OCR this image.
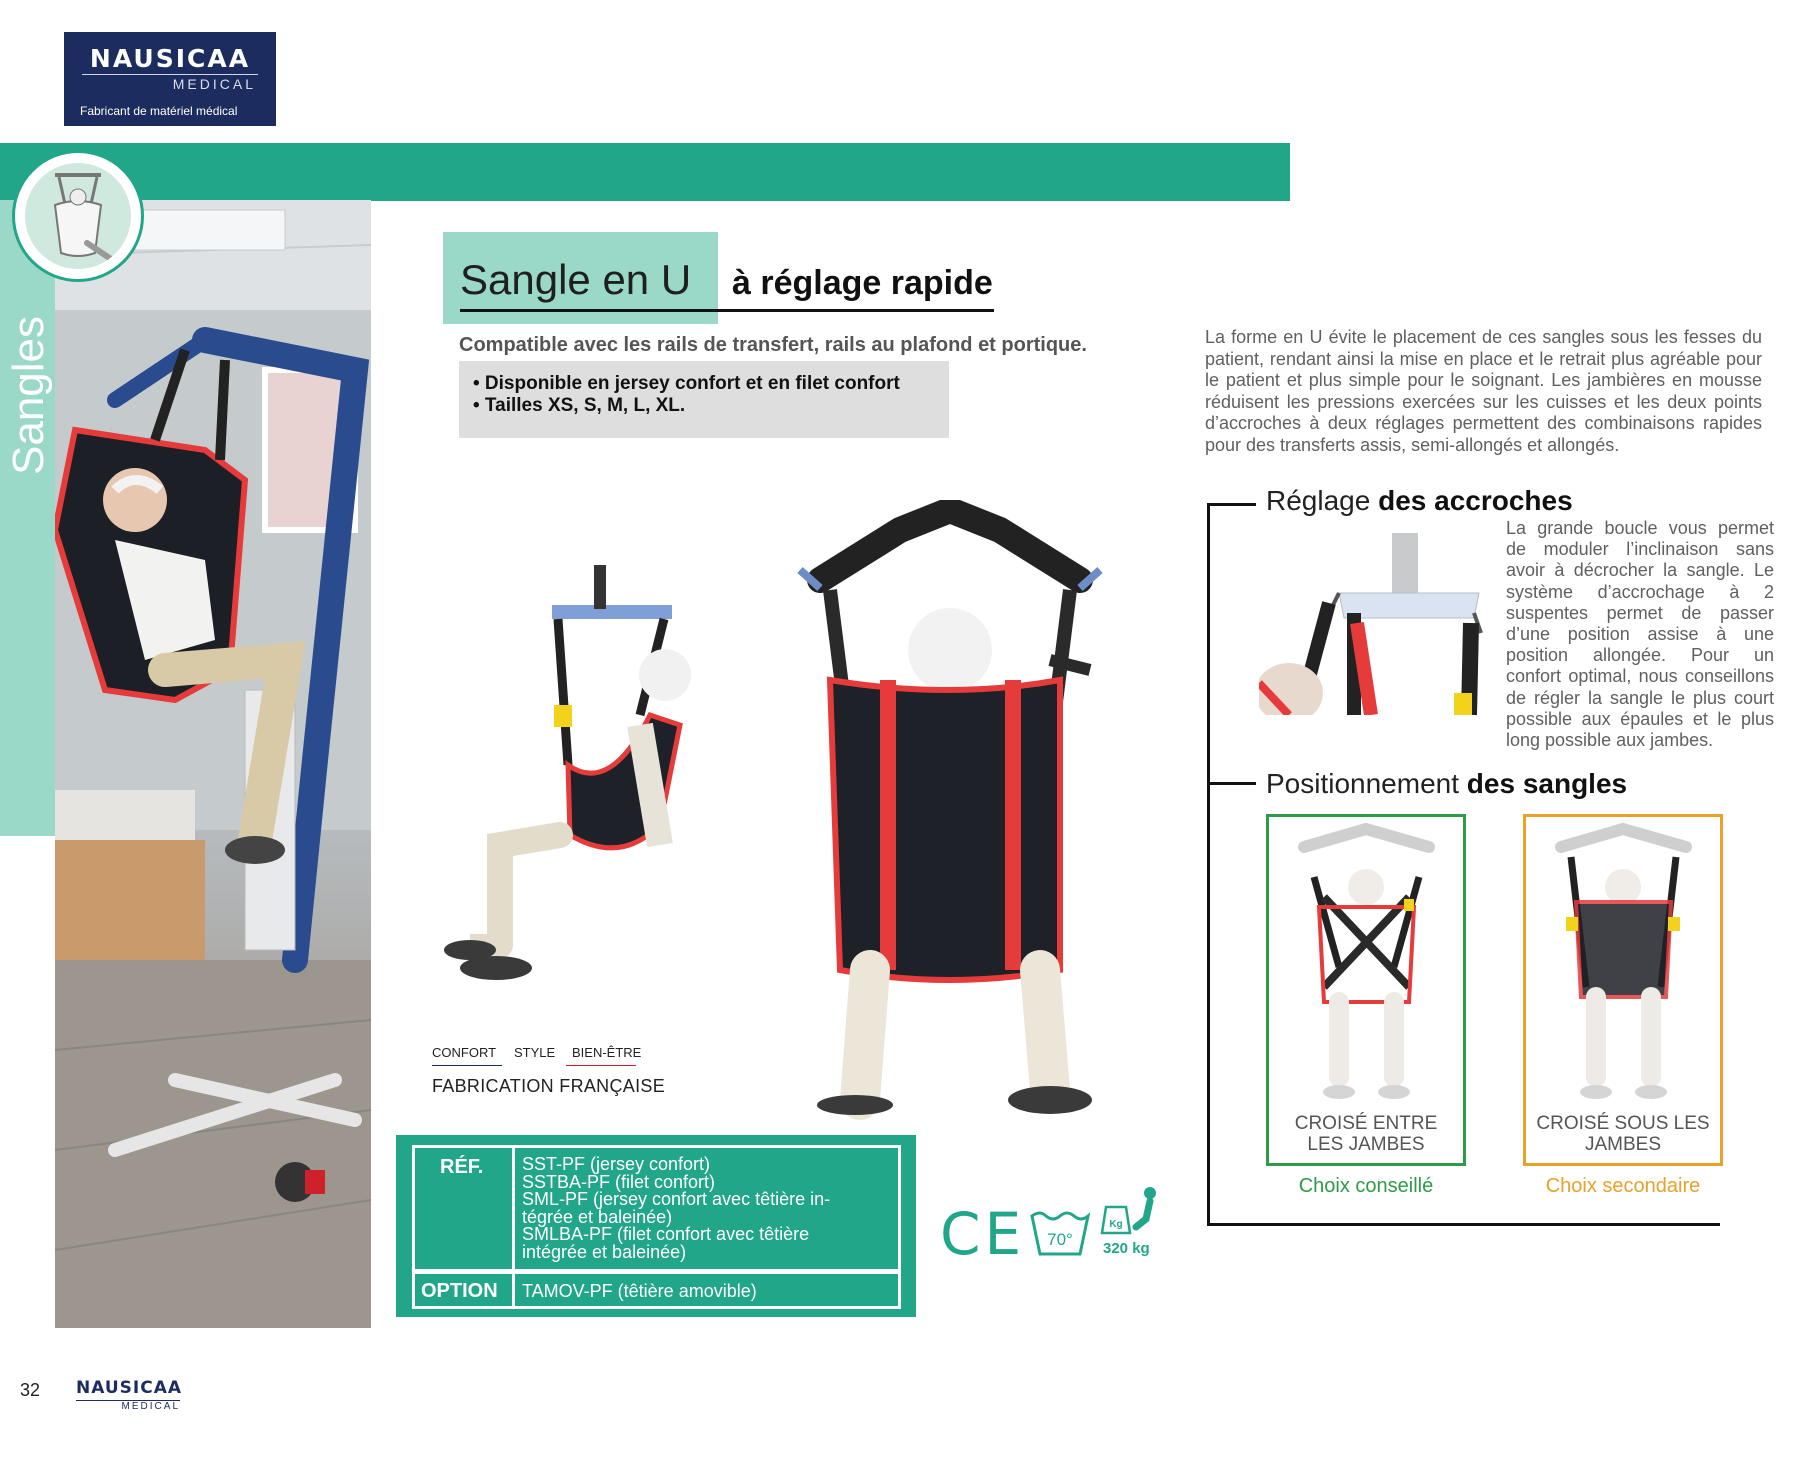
NAUSICAA
MEDICAL
Fabricant de matériel médical
Sangle en U à réglage rapide
Compatible avec les rails de transfert, rails au plafond et portique.
• Disponible en jersey confort et en filet confort
• Tailles XS, S, M, L, XL.
CONFORT STYLE BIEN-ÊTRE
FABRICATION FRANÇAISE
RÉF. SST-PF (jersey confort)
SSTBA-PF (filet confort)
SML-PF (jersey confort avec têtière in-
tégrée et baleinée)
SMLBA-PF (filet confort avec têtière
intégrée et baleinée)
OPTION TAMOV-PF (têtière amovible)
CE 70°
Kg
320 kg
La forme en U évite le placement de ces sangles sous les fesses du patient, rendant ainsi la mise en place et le retrait plus agréable pour le patient et plus simple pour le soignant. Les jambières en mousse réduisent les pressions exercées sur les cuisses et les deux points d’accroches à deux réglages permettent des combinaisons rapides pour des transferts assis, semi-allongés et allongés.
Réglage des accroches
La grande boucle vous permet de moduler l’inclinaison sans avoir à décrocher la sangle. Le système d’accrochage à 2 suspentes permet de passer d’une position assise à une position allongée. Pour un confort optimal, nous conseillons de régler la sangle le plus court possible aux épaules et le plus long possible aux jambes.
Positionnement des sangles
CROISÉ ENTRE
LES JAMBES
CROISÉ SOUS LES
JAMBES
Choix conseillé	Choix secondaire
32 NAUSICAA
MEDICAL
